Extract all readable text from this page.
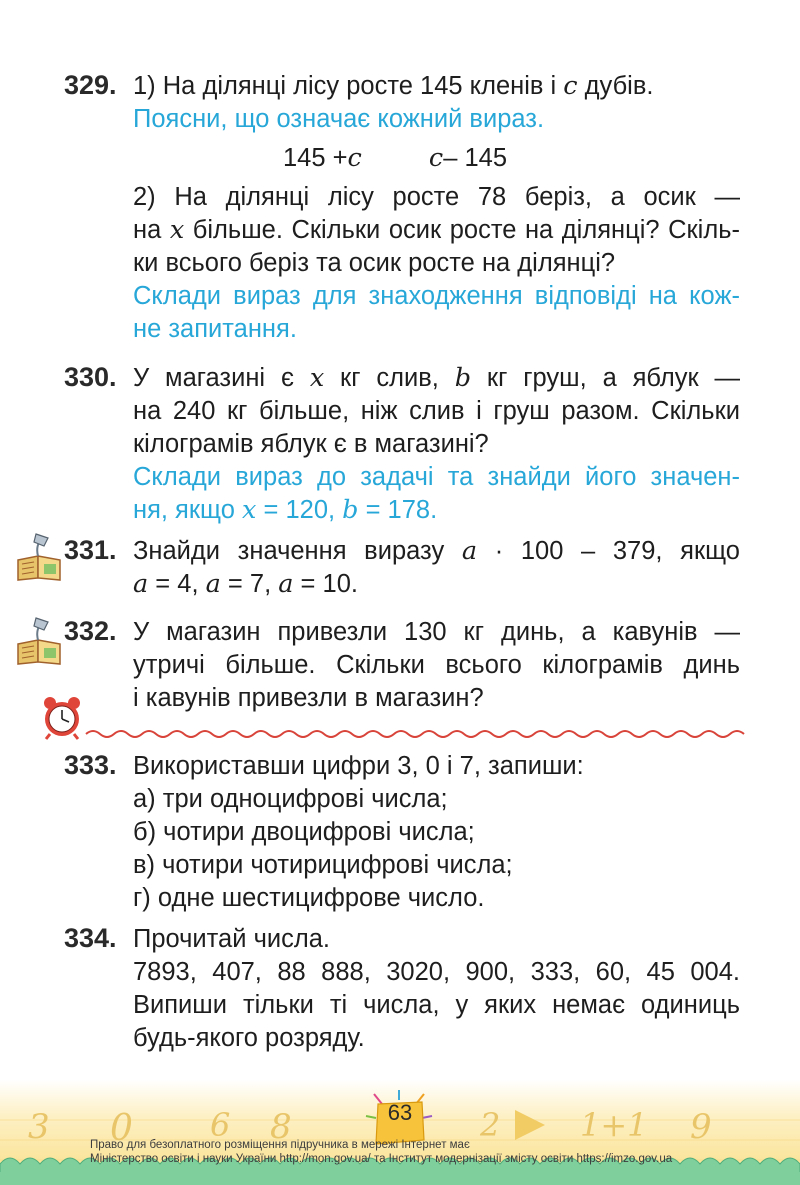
329. 1) На ділянці лісу росте 145 кленів і c дубів.
Поясни, що означає кожний вираз.
145 +c	c– 145
2) На ділянці лісу росте 78 беріз, а осик —
на x більше. Скільки осик росте на ділянці? Скіль-
ки всього беріз та осик росте на ділянці?
Склади вираз для знаходження відповіді на кож-
не запитання.
330. У магазині є x кг слив, b кг груш, а яблук —
на 240 кг більше, ніж слив і груш разом. Скільки
кілограмів яблук є в магазині?
Склади вираз до задачі та знайди його значен-
ня, якщо x = 120, b = 178.
331. Знайди значення виразу a · 100 – 379, якщо
a = 4, a = 7, a = 10.
332. У магазин привезли 130 кг динь, а кавунів —
утричі більше. Скільки всього кілограмів динь
і кавунів привезли в магазин?
333. Використавши цифри 3, 0 і 7, запиши:
а) три одноцифрові числа;
б) чотири двоцифрові числа;
в) чотири чотирицифрові числа;
г) одне шестицифрове число.
334. Прочитай числа.
7893, 407, 88 888, 3020, 900, 333, 60, 45 004.
Випиши тільки ті числа, у яких немає одиниць
будь-якого розряду.
3 0 6 8	2 1+1 9
63
Право для безоплатного розміщення підручника в мережі Інтернет має
Міністерство освіти і науки України http://mon.gov.ua/ та Інститут модернізації змісту освіти https://imzo.gov.ua
